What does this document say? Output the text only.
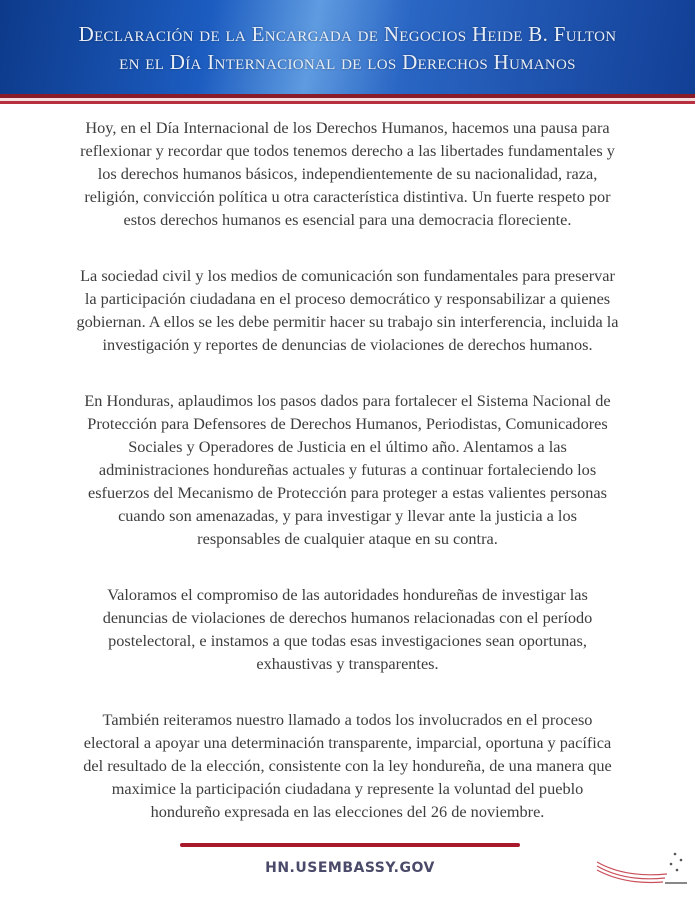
Declaración de la Encargada de Negocios Heide B. Fulton
en el Día Internacional de los Derechos Humanos
Hoy, en el Día Internacional de los Derechos Humanos, hacemos una pausa para
reflexionar y recordar que todos tenemos derecho a las libertades fundamentales y
los derechos humanos básicos, independientemente de su nacionalidad, raza,
religión, convicción política u otra característica distintiva. Un fuerte respeto por
estos derechos humanos es esencial para una democracia floreciente.
La sociedad civil y los medios de comunicación son fundamentales para preservar
la participación ciudadana en el proceso democrático y responsabilizar a quienes
gobiernan. A ellos se les debe permitir hacer su trabajo sin interferencia, incluida la
investigación y reportes de denuncias de violaciones de derechos humanos.
En Honduras, aplaudimos los pasos dados para fortalecer el Sistema Nacional de
Protección para Defensores de Derechos Humanos, Periodistas, Comunicadores
Sociales y Operadores de Justicia en el último año. Alentamos a las
administraciones hondureñas actuales y futuras a continuar fortaleciendo los
esfuerzos del Mecanismo de Protección para proteger a estas valientes personas
cuando son amenazadas, y para investigar y llevar ante la justicia a los
responsables de cualquier ataque en su contra.
Valoramos el compromiso de las autoridades hondureñas de investigar las
denuncias de violaciones de derechos humanos relacionadas con el período
postelectoral, e instamos a que todas esas investigaciones sean oportunas,
exhaustivas y transparentes.
También reiteramos nuestro llamado a todos los involucrados en el proceso
electoral a apoyar una determinación transparente, imparcial, oportuna y pacífica
del resultado de la elección, consistente con la ley hondureña, de una manera que
maximice la participación ciudadana y represente la voluntad del pueblo
hondureño expresada en las elecciones del 26 de noviembre.
HN.USEMBASSY.GOV
